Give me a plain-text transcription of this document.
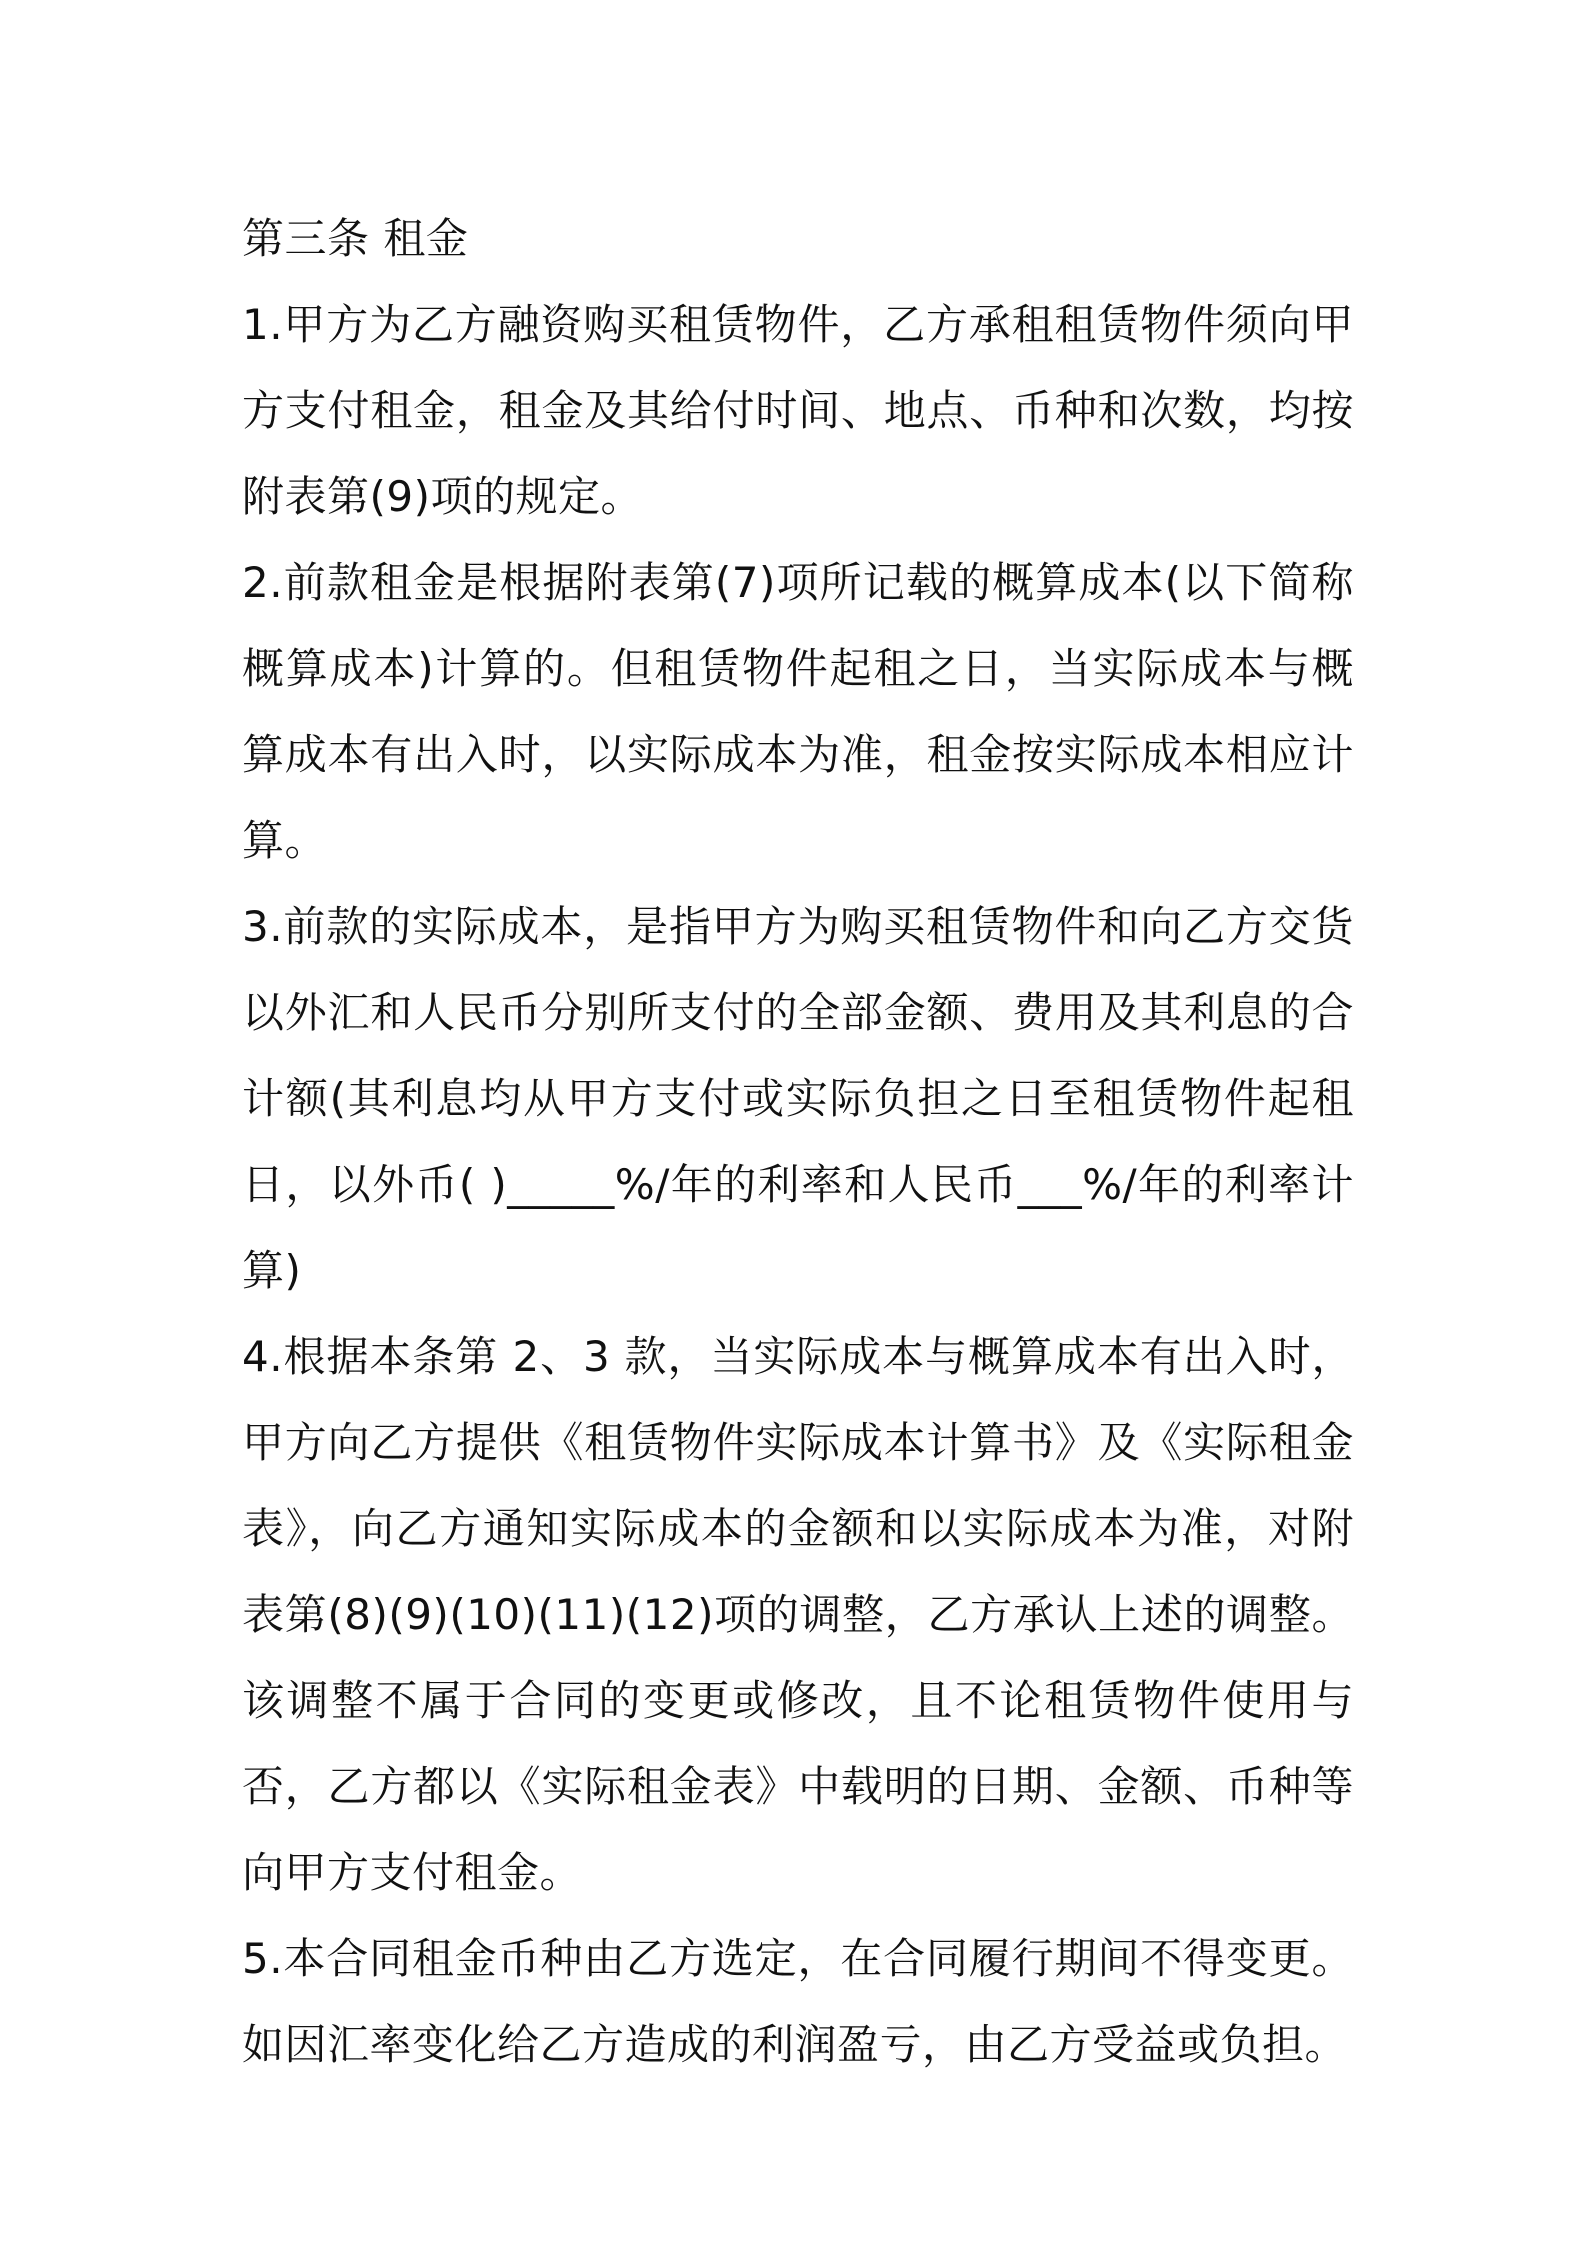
第三条 租金

1.甲方为乙方融资购买租赁物件，乙方承租租赁物件须向甲方支付租金，租金及其给付时间、地点、币种和次数，均按附表第(9)项的规定。

2.前款租金是根据附表第(7)项所记载的概算成本(以下简称概算成本)计算的。但租赁物件起租之日，当实际成本与概算成本有出入时，以实际成本为准，租金按实际成本相应计算。

3.前款的实际成本，是指甲方为购买租赁物件和向乙方交货以外汇和人民币分别所支付的全部金额、费用及其利息的合计额(其利息均从甲方支付或实际负担之日至租赁物件起租日，以外币( )_____%/年的利率和人民币___%/年的利率计算)

4.根据本条第 2、3 款，当实际成本与概算成本有出入时，甲方向乙方提供《租赁物件实际成本计算书》及《实际租金表》，向乙方通知实际成本的金额和以实际成本为准，对附表第(8)(9)(10)(11)(12)项的调整，乙方承认上述的调整。该调整不属于合同的变更或修改，且不论租赁物件使用与否，乙方都以《实际租金表》中载明的日期、金额、币种等向甲方支付租金。

5.本合同租金币种由乙方选定，在合同履行期间不得变更。如因汇率变化给乙方造成的利润盈亏，由乙方受益或负担。
